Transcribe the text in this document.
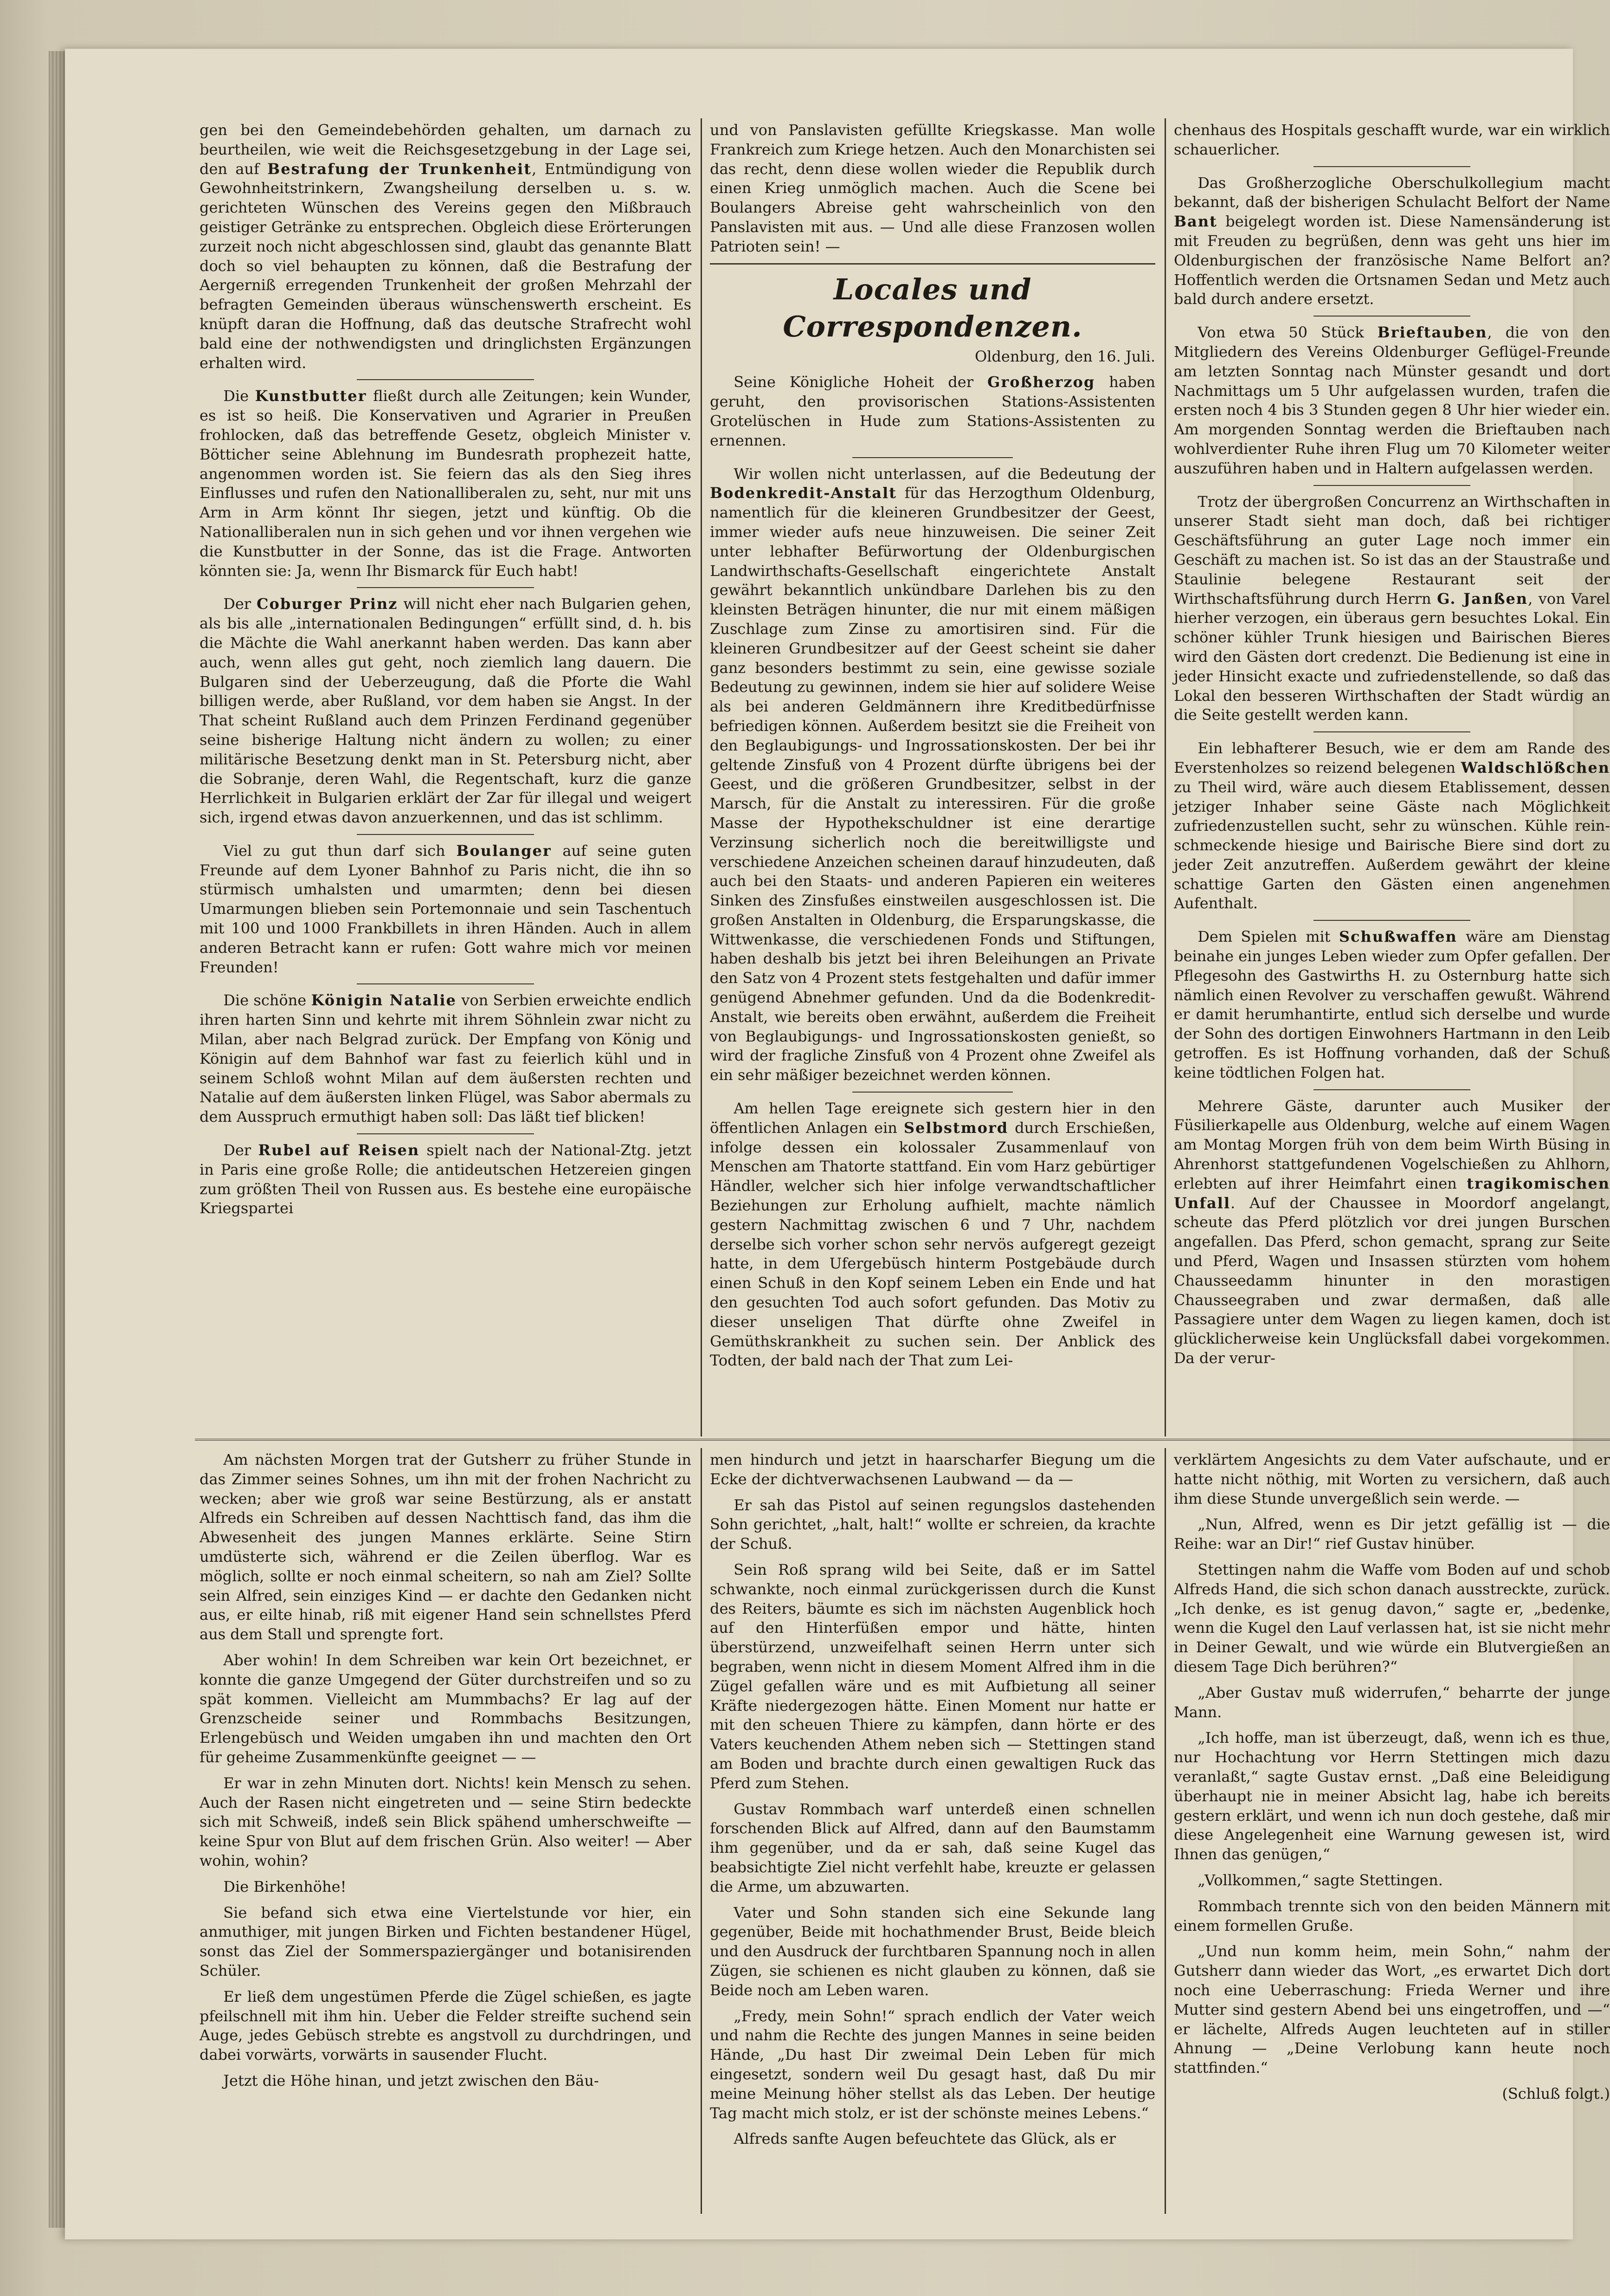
gen bei den Gemeindebehörden gehalten, um darnach zu beurtheilen, wie weit die Reichsgesetzgebung in der Lage sei, den auf Bestrafung der Trunkenheit, Entmündigung von Gewohnheitstrinkern, Zwangsheilung derselben u. s. w. gerichteten Wünschen des Vereins gegen den Mißbrauch geistiger Getränke zu entsprechen. Obgleich diese Erörterungen zurzeit noch nicht abgeschlossen sind, glaubt das genannte Blatt doch so viel behaupten zu können, daß die Bestrafung der Aergerniß erregenden Trunkenheit der großen Mehrzahl der befragten Gemeinden überaus wünschenswerth erscheint. Es knüpft daran die Hoffnung, daß das deutsche Strafrecht wohl bald eine der nothwendigsten und dringlichsten Ergänzungen erhalten wird.

Die Kunstbutter fließt durch alle Zeitungen; kein Wunder, es ist so heiß. Die Konservativen und Agrarier in Preußen frohlocken, daß das betreffende Gesetz, obgleich Minister v. Bötticher seine Ablehnung im Bundesrath prophezeit hatte, angenommen worden ist. Sie feiern das als den Sieg ihres Einflusses und rufen den Nationalliberalen zu, seht, nur mit uns Arm in Arm könnt Ihr siegen, jetzt und künftig. Ob die Nationalliberalen nun in sich gehen und vor ihnen vergehen wie die Kunstbutter in der Sonne, das ist die Frage. Antworten könnten sie: Ja, wenn Ihr Bismarck für Euch habt!

Der Coburger Prinz will nicht eher nach Bulgarien gehen, als bis alle „internationalen Bedingungen“ erfüllt sind, d. h. bis die Mächte die Wahl anerkannt haben werden. Das kann aber auch, wenn alles gut geht, noch ziemlich lang dauern. Die Bulgaren sind der Ueberzeugung, daß die Pforte die Wahl billigen werde, aber Rußland, vor dem haben sie Angst. In der That scheint Rußland auch dem Prinzen Ferdinand gegenüber seine bisherige Haltung nicht ändern zu wollen; zu einer militärische Besetzung denkt man in St. Petersburg nicht, aber die Sobranje, deren Wahl, die Regentschaft, kurz die ganze Herrlichkeit in Bulgarien erklärt der Zar für illegal und weigert sich, irgend etwas davon anzuerkennen, und das ist schlimm.

Viel zu gut thun darf sich Boulanger auf seine guten Freunde auf dem Lyoner Bahnhof zu Paris nicht, die ihn so stürmisch umhalsten und umarmten; denn bei diesen Umarmungen blieben sein Portemonnaie und sein Taschentuch mit 100 und 1000 Frankbillets in ihren Händen. Auch in allem anderen Betracht kann er rufen: Gott wahre mich vor meinen Freunden!

Die schöne Königin Natalie von Serbien erweichte endlich ihren harten Sinn und kehrte mit ihrem Söhnlein zwar nicht zu Milan, aber nach Belgrad zurück. Der Empfang von König und Königin auf dem Bahnhof war fast zu feierlich kühl und in seinem Schloß wohnt Milan auf dem äußersten rechten und Natalie auf dem äußersten linken Flügel, was Sabor abermals zu dem Ausspruch ermuthigt haben soll: Das läßt tief blicken!

Der Rubel auf Reisen spielt nach der National-Ztg. jetzt in Paris eine große Rolle; die antideutschen Hetzereien gingen zum größten Theil von Russen aus. Es bestehe eine europäische Kriegspartei

und von Panslavisten gefüllte Kriegskasse. Man wolle Frankreich zum Kriege hetzen. Auch den Monarchisten sei das recht, denn diese wollen wieder die Republik durch einen Krieg unmöglich machen. Auch die Scene bei Boulangers Abreise geht wahrscheinlich von den Panslavisten mit aus. — Und alle diese Franzosen wollen Patrioten sein! —

Locales und Correspondenzen.

Oldenburg, den 16. Juli.

Seine Königliche Hoheit der Großherzog haben geruht, den provisorischen Stations-Assistenten Grotelüschen in Hude zum Stations-Assistenten zu ernennen.

Wir wollen nicht unterlassen, auf die Bedeutung der Bodenkredit-Anstalt für das Herzogthum Oldenburg, namentlich für die kleineren Grundbesitzer der Geest, immer wieder aufs neue hinzuweisen. Die seiner Zeit unter lebhafter Befürwortung der Oldenburgischen Landwirthschafts-Gesellschaft eingerichtete Anstalt gewährt bekanntlich unkündbare Darlehen bis zu den kleinsten Beträgen hinunter, die nur mit einem mäßigen Zuschlage zum Zinse zu amortisiren sind. Für die kleineren Grundbesitzer auf der Geest scheint sie daher ganz besonders bestimmt zu sein, eine gewisse soziale Bedeutung zu gewinnen, indem sie hier auf solidere Weise als bei anderen Geldmännern ihre Kreditbedürfnisse befriedigen können. Außerdem besitzt sie die Freiheit von den Beglaubigungs- und Ingrossationskosten. Der bei ihr geltende Zinsfuß von 4 Prozent dürfte übrigens bei der Geest, und die größeren Grundbesitzer, selbst in der Marsch, für die Anstalt zu interessiren. Für die große Masse der Hypothekschuldner ist eine derartige Verzinsung sicherlich noch die bereitwilligste und verschiedene Anzeichen scheinen darauf hinzudeuten, daß auch bei den Staats- und anderen Papieren ein weiteres Sinken des Zinsfußes einstweilen ausgeschlossen ist. Die großen Anstalten in Oldenburg, die Ersparungskasse, die Wittwenkasse, die verschiedenen Fonds und Stiftungen, haben deshalb bis jetzt bei ihren Beleihungen an Private den Satz von 4 Prozent stets festgehalten und dafür immer genügend Abnehmer gefunden. Und da die Bodenkredit-Anstalt, wie bereits oben erwähnt, außerdem die Freiheit von Beglaubigungs- und Ingrossationskosten genießt, so wird der fragliche Zinsfuß von 4 Prozent ohne Zweifel als ein sehr mäßiger bezeichnet werden können.

Am hellen Tage ereignete sich gestern hier in den öffentlichen Anlagen ein Selbstmord durch Erschießen, infolge dessen ein kolossaler Zusammenlauf von Menschen am Thatorte stattfand. Ein vom Harz gebürtiger Händler, welcher sich hier infolge verwandtschaftlicher Beziehungen zur Erholung aufhielt, machte nämlich gestern Nachmittag zwischen 6 und 7 Uhr, nachdem derselbe sich vorher schon sehr nervös aufgeregt gezeigt hatte, in dem Ufergebüsch hinterm Postgebäude durch einen Schuß in den Kopf seinem Leben ein Ende und hat den gesuchten Tod auch sofort gefunden. Das Motiv zu dieser unseligen That dürfte ohne Zweifel in Gemüthskrankheit zu suchen sein. Der Anblick des Todten, der bald nach der That zum Lei-

chenhaus des Hospitals geschafft wurde, war ein wirklich schauerlicher.

Das Großherzogliche Oberschulkollegium macht bekannt, daß der bisherigen Schulacht Belfort der Name Bant beigelegt worden ist. Diese Namensänderung ist mit Freuden zu begrüßen, denn was geht uns hier im Oldenburgischen der französische Name Belfort an? Hoffentlich werden die Ortsnamen Sedan und Metz auch bald durch andere ersetzt.

Von etwa 50 Stück Brieftauben, die von den Mitgliedern des Vereins Oldenburger Geflügel-Freunde am letzten Sonntag nach Münster gesandt und dort Nachmittags um 5 Uhr aufgelassen wurden, trafen die ersten noch 4 bis 3 Stunden gegen 8 Uhr hier wieder ein. Am morgenden Sonntag werden die Brieftauben nach wohlverdienter Ruhe ihren Flug um 70 Kilometer weiter auszuführen haben und in Haltern aufgelassen werden.

Trotz der übergroßen Concurrenz an Wirthschaften in unserer Stadt sieht man doch, daß bei richtiger Geschäftsführung an guter Lage noch immer ein Geschäft zu machen ist. So ist das an der Staustraße und Staulinie belegene Restaurant seit der Wirthschaftsführung durch Herrn G. Janßen, von Varel hierher verzogen, ein überaus gern besuchtes Lokal. Ein schöner kühler Trunk hiesigen und Bairischen Bieres wird den Gästen dort credenzt. Die Bedienung ist eine in jeder Hinsicht exacte und zufriedenstellende, so daß das Lokal den besseren Wirthschaften der Stadt würdig an die Seite gestellt werden kann.

Ein lebhafterer Besuch, wie er dem am Rande des Everstenholzes so reizend belegenen Waldschlößchen zu Theil wird, wäre auch diesem Etablissement, dessen jetziger Inhaber seine Gäste nach Möglichkeit zufriedenzustellen sucht, sehr zu wünschen. Kühle rein-schmeckende hiesige und Bairische Biere sind dort zu jeder Zeit anzutreffen. Außerdem gewährt der kleine schattige Garten den Gästen einen angenehmen Aufenthalt.

Dem Spielen mit Schußwaffen wäre am Dienstag beinahe ein junges Leben wieder zum Opfer gefallen. Der Pflegesohn des Gastwirths H. zu Osternburg hatte sich nämlich einen Revolver zu verschaffen gewußt. Während er damit herumhantirte, entlud sich derselbe und wurde der Sohn des dortigen Einwohners Hartmann in den Leib getroffen. Es ist Hoffnung vorhanden, daß der Schuß keine tödtlichen Folgen hat.

Mehrere Gäste, darunter auch Musiker der Füsilierkapelle aus Oldenburg, welche auf einem Wagen am Montag Morgen früh von dem beim Wirth Büsing in Ahrenhorst stattgefundenen Vogelschießen zu Ahlhorn, erlebten auf ihrer Heimfahrt einen tragikomischen Unfall. Auf der Chaussee in Moordorf angelangt, scheute das Pferd plötzlich vor drei jungen Burschen angefallen. Das Pferd, schon gemacht, sprang zur Seite und Pferd, Wagen und Insassen stürzten vom hohem Chausseedamm hinunter in den morastigen Chausseegraben und zwar dermaßen, daß alle Passagiere unter dem Wagen zu liegen kamen, doch ist glücklicherweise kein Unglücksfall dabei vorgekommen. Da der verur-

Am nächsten Morgen trat der Gutsherr zu früher Stunde in das Zimmer seines Sohnes, um ihn mit der frohen Nachricht zu wecken; aber wie groß war seine Bestürzung, als er anstatt Alfreds ein Schreiben auf dessen Nachttisch fand, das ihm die Abwesenheit des jungen Mannes erklärte. Seine Stirn umdüsterte sich, während er die Zeilen überflog. War es möglich, sollte er noch einmal scheitern, so nah am Ziel? Sollte sein Alfred, sein einziges Kind — er dachte den Gedanken nicht aus, er eilte hinab, riß mit eigener Hand sein schnellstes Pferd aus dem Stall und sprengte fort.

Aber wohin! In dem Schreiben war kein Ort bezeichnet, er konnte die ganze Umgegend der Güter durchstreifen und so zu spät kommen. Vielleicht am Mummbachs? Er lag auf der Grenzscheide seiner und Rommbachs Besitzungen, Erlengebüsch und Weiden umgaben ihn und machten den Ort für geheime Zusammenkünfte geeignet — —

Er war in zehn Minuten dort. Nichts! kein Mensch zu sehen. Auch der Rasen nicht eingetreten und — seine Stirn bedeckte sich mit Schweiß, indeß sein Blick spähend umherschweifte — keine Spur von Blut auf dem frischen Grün. Also weiter! — Aber wohin, wohin?

Die Birkenhöhe!

Sie befand sich etwa eine Viertelstunde vor hier, ein anmuthiger, mit jungen Birken und Fichten bestandener Hügel, sonst das Ziel der Sommerspaziergänger und botanisirenden Schüler.

Er ließ dem ungestümen Pferde die Zügel schießen, es jagte pfeilschnell mit ihm hin. Ueber die Felder streifte suchend sein Auge, jedes Gebüsch strebte es angstvoll zu durchdringen, und dabei vorwärts, vorwärts in sausender Flucht.

Jetzt die Höhe hinan, und jetzt zwischen den Bäu-

men hindurch und jetzt in haarscharfer Biegung um die Ecke der dichtverwachsenen Laubwand — da —

Er sah das Pistol auf seinen regungslos dastehenden Sohn gerichtet, „halt, halt!“ wollte er schreien, da krachte der Schuß.

Sein Roß sprang wild bei Seite, daß er im Sattel schwankte, noch einmal zurückgerissen durch die Kunst des Reiters, bäumte es sich im nächsten Augenblick hoch auf den Hinterfüßen empor und hätte, hinten überstürzend, unzweifelhaft seinen Herrn unter sich begraben, wenn nicht in diesem Moment Alfred ihm in die Zügel gefallen wäre und es mit Aufbietung all seiner Kräfte niedergezogen hätte. Einen Moment nur hatte er mit den scheuen Thiere zu kämpfen, dann hörte er des Vaters keuchenden Athem neben sich — Stettingen stand am Boden und brachte durch einen gewaltigen Ruck das Pferd zum Stehen.

Gustav Rommbach warf unterdeß einen schnellen forschenden Blick auf Alfred, dann auf den Baumstamm ihm gegenüber, und da er sah, daß seine Kugel das beabsichtigte Ziel nicht verfehlt habe, kreuzte er gelassen die Arme, um abzuwarten.

Vater und Sohn standen sich eine Sekunde lang gegenüber, Beide mit hochathmender Brust, Beide bleich und den Ausdruck der furchtbaren Spannung noch in allen Zügen, sie schienen es nicht glauben zu können, daß sie Beide noch am Leben waren.

„Fredy, mein Sohn!“ sprach endlich der Vater weich und nahm die Rechte des jungen Mannes in seine beiden Hände, „Du hast Dir zweimal Dein Leben für mich eingesetzt, sondern weil Du gesagt hast, daß Du mir meine Meinung höher stellst als das Leben. Der heutige Tag macht mich stolz, er ist der schönste meines Lebens.“

Alfreds sanfte Augen befeuchtete das Glück, als er

verklärtem Angesichts zu dem Vater aufschaute, und er hatte nicht nöthig, mit Worten zu versichern, daß auch ihm diese Stunde unvergeßlich sein werde. —

„Nun, Alfred, wenn es Dir jetzt gefällig ist — die Reihe: war an Dir!“ rief Gustav hinüber.

Stettingen nahm die Waffe vom Boden auf und schob Alfreds Hand, die sich schon danach ausstreckte, zurück. „Ich denke, es ist genug davon,“ sagte er, „bedenke, wenn die Kugel den Lauf verlassen hat, ist sie nicht mehr in Deiner Gewalt, und wie würde ein Blutvergießen an diesem Tage Dich berühren?“

„Aber Gustav muß widerrufen,“ beharrte der junge Mann.

„Ich hoffe, man ist überzeugt, daß, wenn ich es thue, nur Hochachtung vor Herrn Stettingen mich dazu veranlaßt,“ sagte Gustav ernst. „Daß eine Beleidigung überhaupt nie in meiner Absicht lag, habe ich bereits gestern erklärt, und wenn ich nun doch gestehe, daß mir diese Angelegenheit eine Warnung gewesen ist, wird Ihnen das genügen,“

„Vollkommen,“ sagte Stettingen.

Rommbach trennte sich von den beiden Männern mit einem formellen Gruße.

„Und nun komm heim, mein Sohn,“ nahm der Gutsherr dann wieder das Wort, „es erwartet Dich dort noch eine Ueberraschung: Frieda Werner und ihre Mutter sind gestern Abend bei uns eingetroffen, und —“ er lächelte, Alfreds Augen leuchteten auf in stiller Ahnung — „Deine Verlobung kann heute noch stattfinden.“

(Schluß folgt.)
